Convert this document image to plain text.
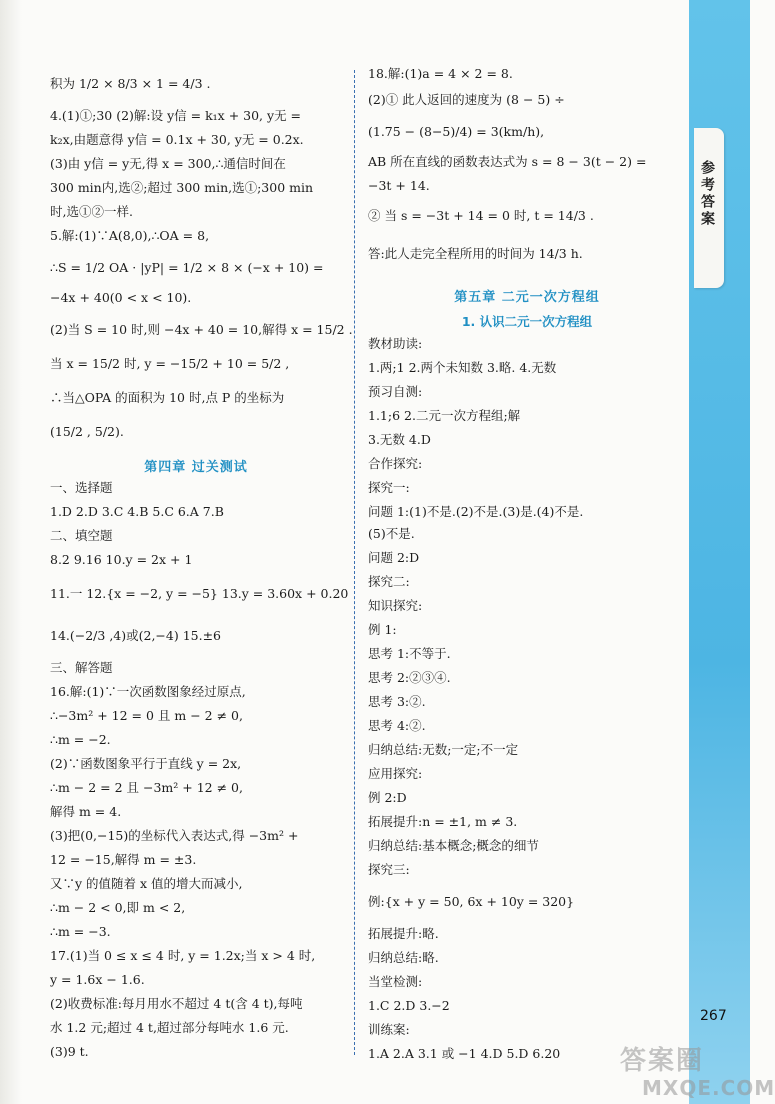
积为 1/2 × 8/3 × 1 = 4/3 .
4.(1)①;30 (2)解:设 y信 = k₁x + 30, y无 =
k₂x,由题意得 y信 = 0.1x + 30, y无 = 0.2x.
(3)由 y信 = y无,得 x = 300,∴通信时间在
300 min内,选②;超过 300 min,选①;300 min
时,选①②一样.
5.解:(1)∵A(8,0),∴OA = 8,
∴S = 1/2 OA · |yP| = 1/2 × 8 × (−x + 10) =
−4x + 40(0 < x < 10).
(2)当 S = 10 时,则 −4x + 40 = 10,解得 x = 15/2 .
当 x = 15/2 时, y = −15/2 + 10 = 5/2 ,
∴当△OPA 的面积为 10 时,点 P 的坐标为
(15/2 , 5/2).
第四章 过关测试
一、选择题
1.D 2.D 3.C 4.B 5.C 6.A 7.B
二、填空题
8.2 9.16 10.y = 2x + 1
11.一 12.{x = −2, y = −5} 13.y = 3.60x + 0.20
14.(−2/3 ,4)或(2,−4) 15.±6
三、解答题
16.解:(1)∵一次函数图象经过原点,
∴−3m² + 12 = 0 且 m − 2 ≠ 0,
∴m = −2.
(2)∵函数图象平行于直线 y = 2x,
∴m − 2 = 2 且 −3m² + 12 ≠ 0,
解得 m = 4.
(3)把(0,−15)的坐标代入表达式,得 −3m² +
12 = −15,解得 m = ±3.
又∵y 的值随着 x 值的增大而减小,
∴m − 2 < 0,即 m < 2,
∴m = −3.
17.(1)当 0 ≤ x ≤ 4 时, y = 1.2x;当 x > 4 时,
y = 1.6x − 1.6.
(2)收费标准:每月用水不超过 4 t(含 4 t),每吨
水 1.2 元;超过 4 t,超过部分每吨水 1.6 元.
(3)9 t.
18.解:(1)a = 4 × 2 = 8.
(2)① 此人返回的速度为 (8 − 5) ÷
(1.75 − (8−5)/4) = 3(km/h),
AB 所在直线的函数表达式为 s = 8 − 3(t − 2) =
−3t + 14.
② 当 s = −3t + 14 = 0 时, t = 14/3 .
答:此人走完全程所用的时间为 14/3 h.
第五章 二元一次方程组
1. 认识二元一次方程组
教材助读:
1.两;1 2.两个未知数 3.略. 4.无数
预习自测:
1.1;6 2.二元一次方程组;解
3.无数 4.D
合作探究:
探究一:
问题 1:(1)不是.(2)不是.(3)是.(4)不是.
(5)不是.
问题 2:D
探究二:
知识探究:
例 1:
思考 1:不等于.
思考 2:②③④.
思考 3:②.
思考 4:②.
归纳总结:无数;一定;不一定
应用探究:
例 2:D
拓展提升:n = ±1, m ≠ 3.
归纳总结:基本概念;概念的细节
探究三:
例:{x + y = 50, 6x + 10y = 320}
拓展提升:略.
归纳总结:略.
当堂检测:
1.C 2.D 3.−2
训练案:
1.A 2.A 3.1 或 −1 4.D 5.D 6.20
参考答案
267
答案圈
MXQE.COM
